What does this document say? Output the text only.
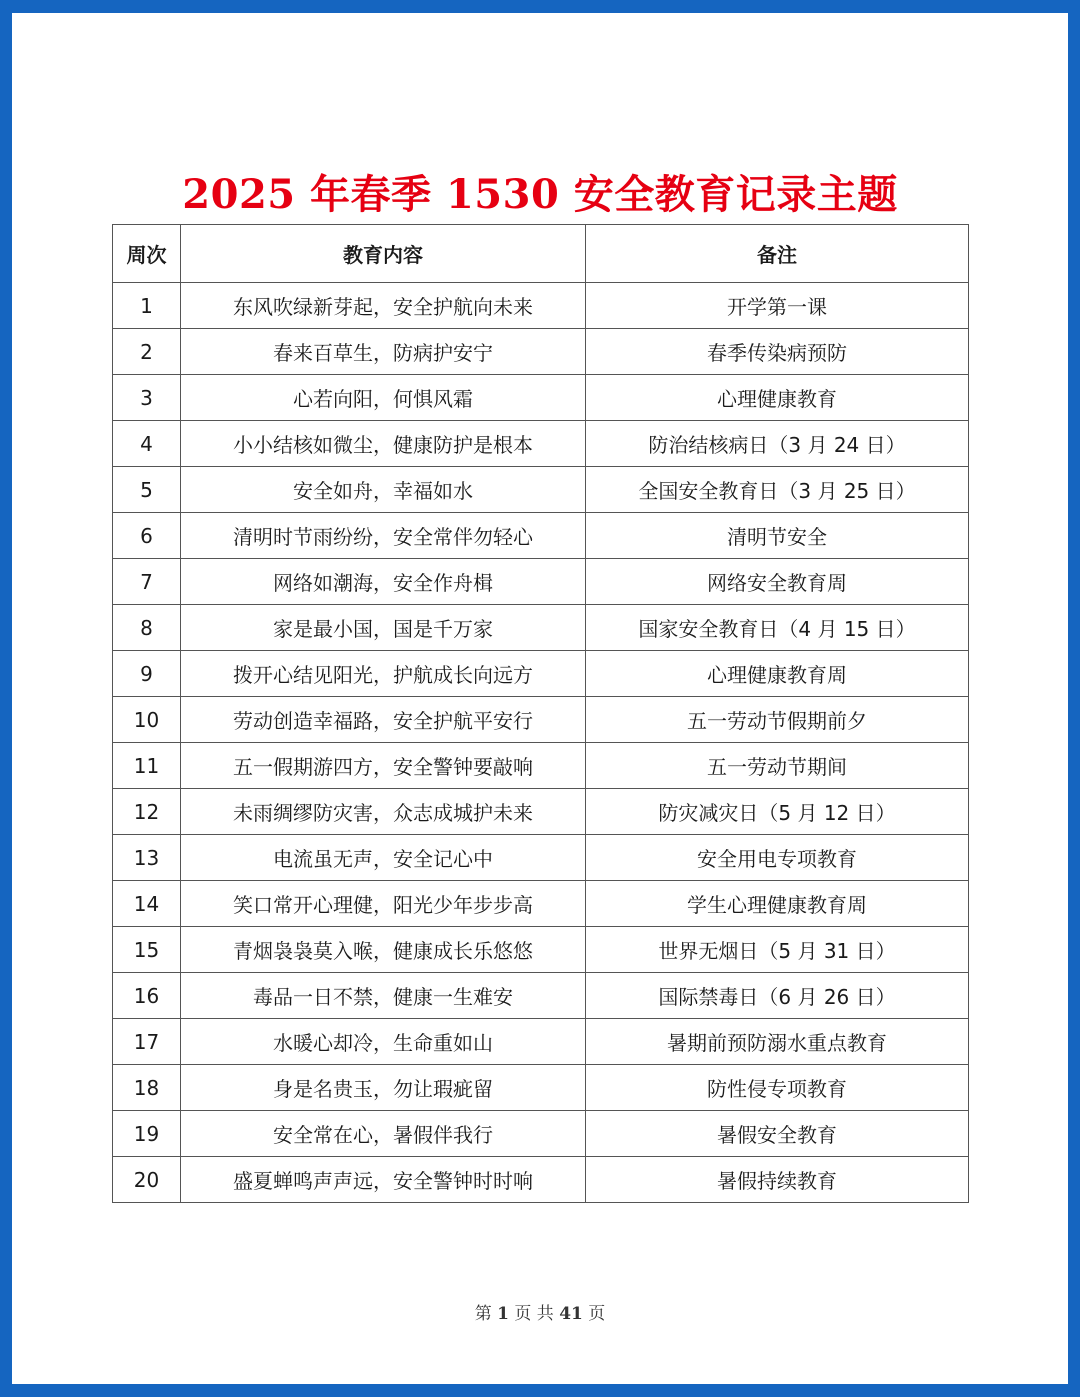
2025 年春季 1530 安全教育记录主题
周次	教育内容	备注
1	东风吹绿新芽起，安全护航向未来	开学第一课
2	春来百草生，防病护安宁	春季传染病预防
3	心若向阳，何惧风霜	心理健康教育
4	小小结核如微尘，健康防护是根本	防治结核病日（3 月 24 日）
5	安全如舟，幸福如水	全国安全教育日（3 月 25 日）
6	清明时节雨纷纷，安全常伴勿轻心	清明节安全
7	网络如潮海，安全作舟楫	网络安全教育周
8	家是最小国，国是千万家	国家安全教育日（4 月 15 日）
9	拨开心结见阳光，护航成长向远方	心理健康教育周
10	劳动创造幸福路，安全护航平安行	五一劳动节假期前夕
11	五一假期游四方，安全警钟要敲响	五一劳动节期间
12	未雨绸缪防灾害，众志成城护未来	防灾减灾日（5 月 12 日）
13	电流虽无声，安全记心中	安全用电专项教育
14	笑口常开心理健，阳光少年步步高	学生心理健康教育周
15	青烟袅袅莫入喉，健康成长乐悠悠	世界无烟日（5 月 31 日）
16	毒品一日不禁，健康一生难安	国际禁毒日（6 月 26 日）
17	水暖心却冷，生命重如山	暑期前预防溺水重点教育
18	身是名贵玉，勿让瑕疵留	防性侵专项教育
19	安全常在心，暑假伴我行	暑假安全教育
20	盛夏蝉鸣声声远，安全警钟时时响	暑假持续教育
第 1 页 共 41 页
